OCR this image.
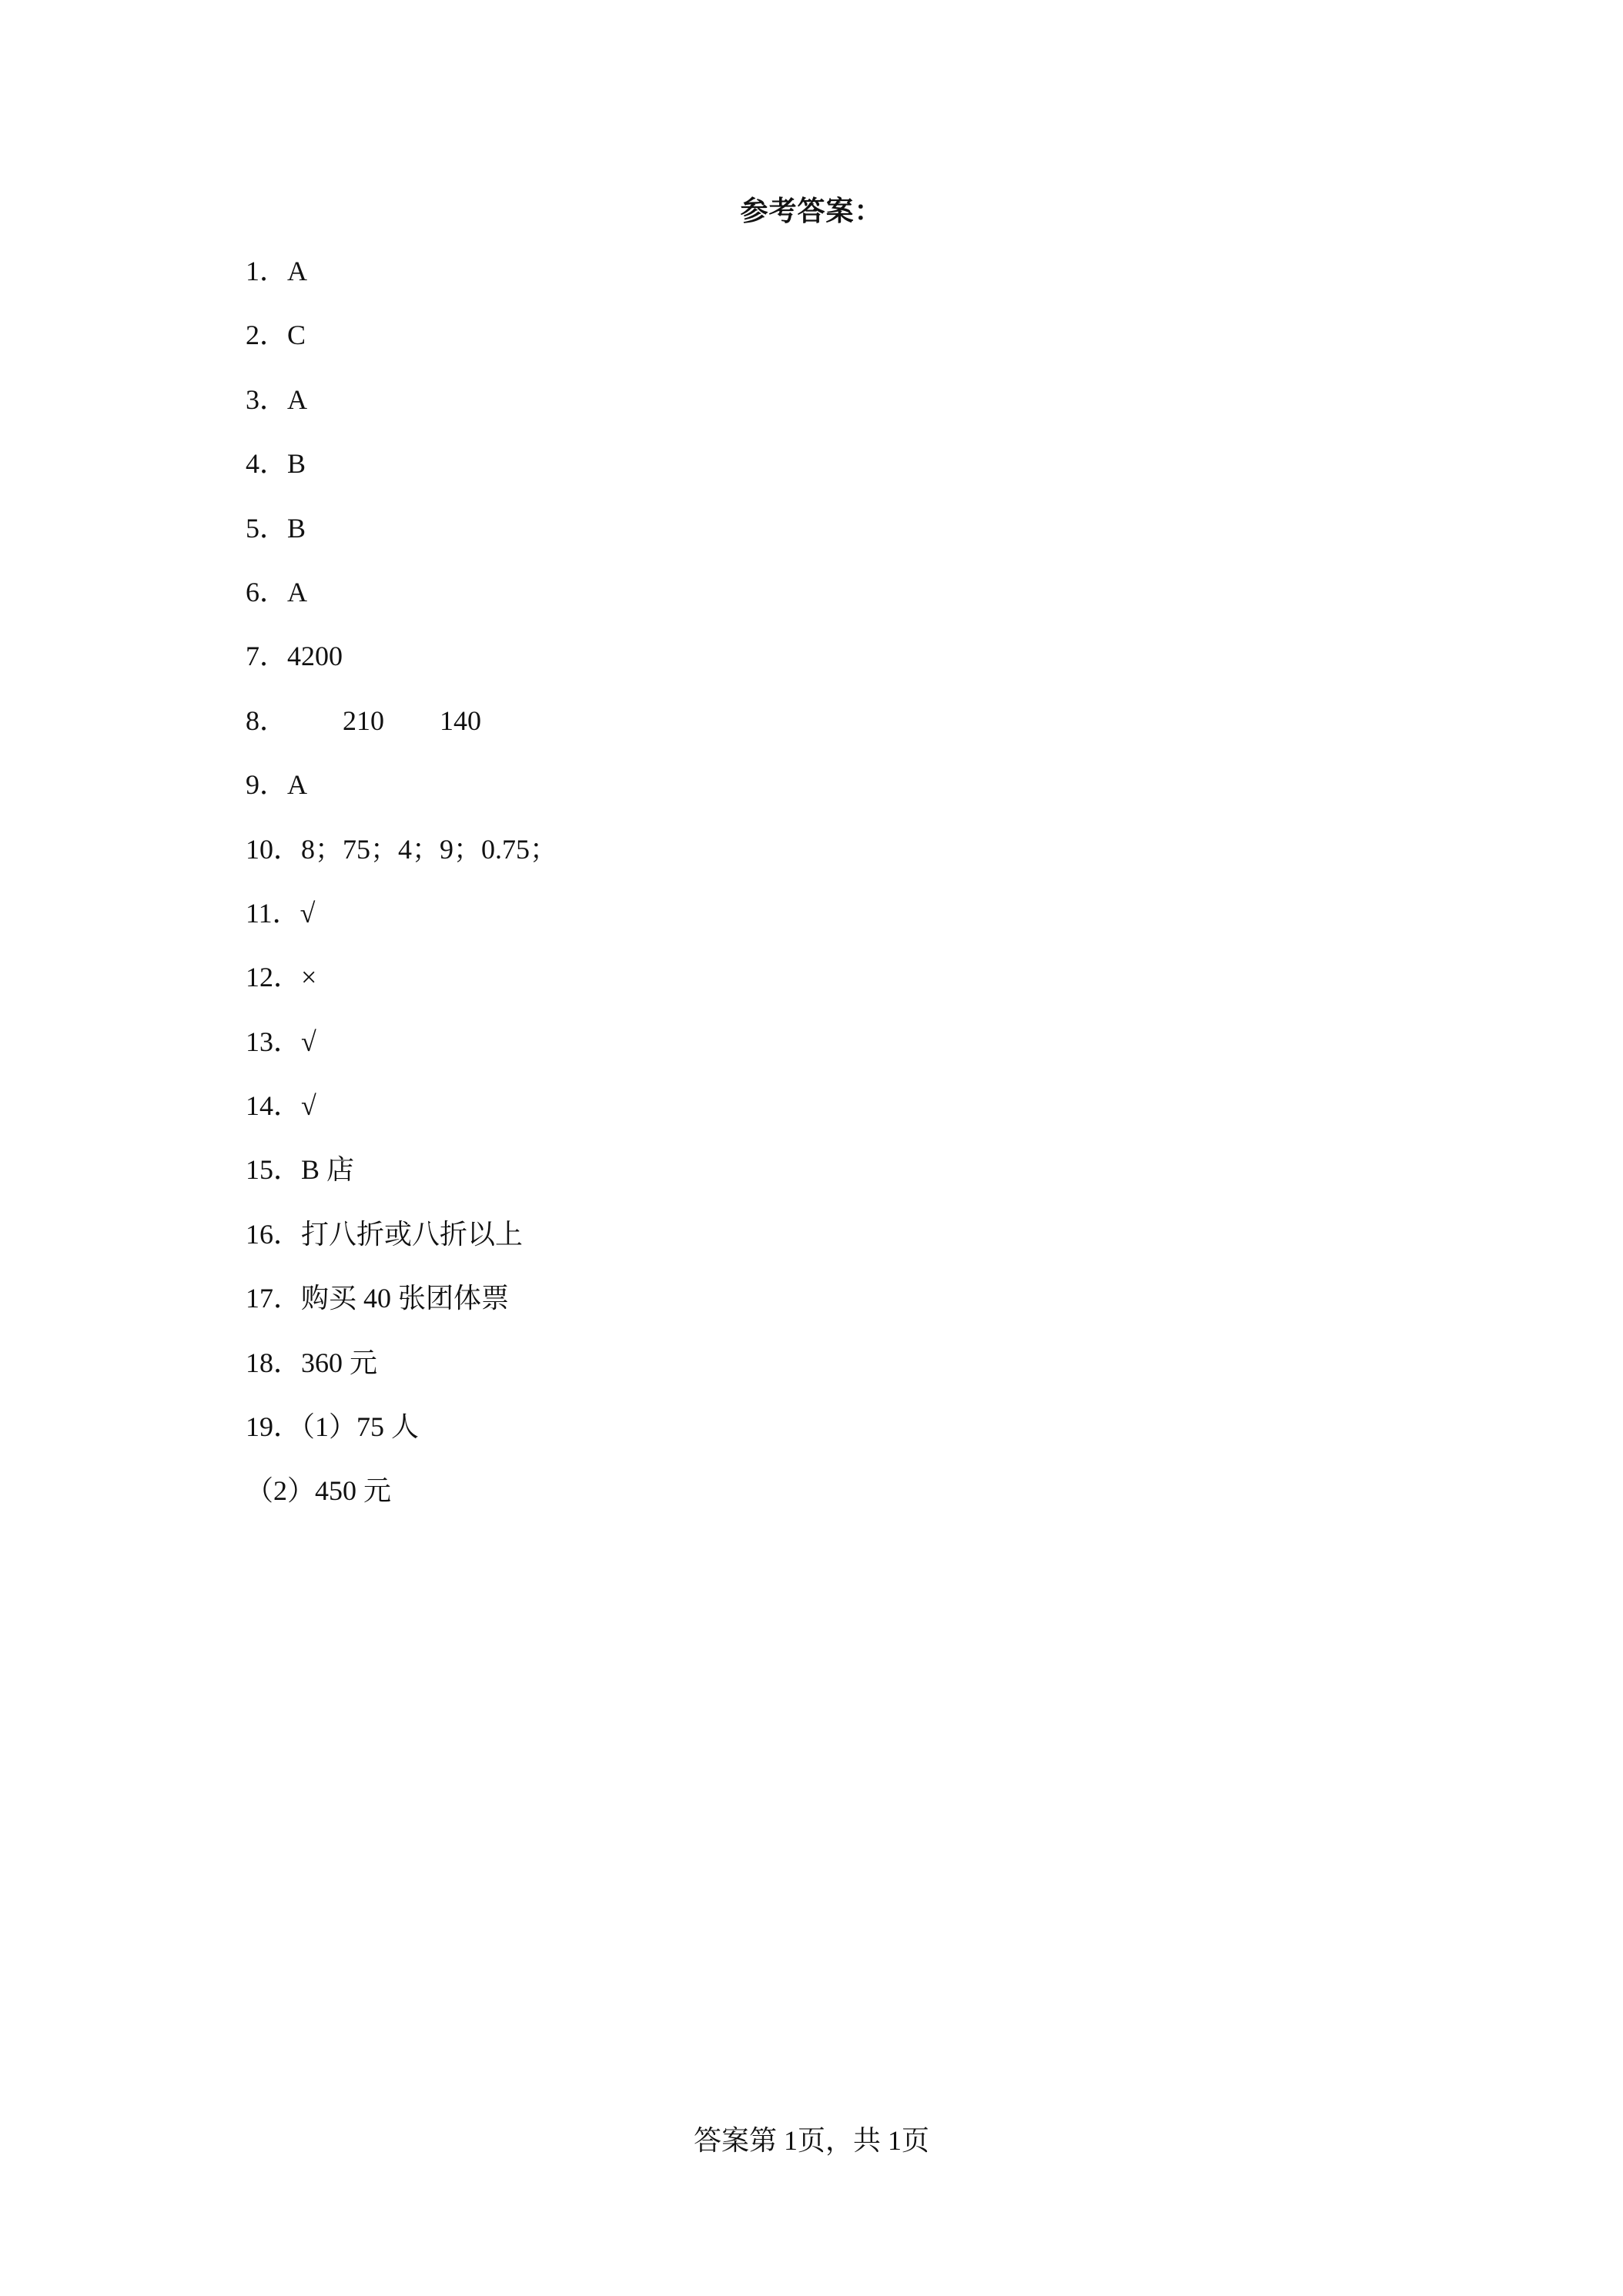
参考答案：
1．A
2．C
3．A
4．B
5．B
6．A
7．4200
8．        210        140
9．A
10．8；75；4；9；0.75；
11．√
12．×
13．√
14．√
15．B 店
16．打八折或八折以上
17．购买 40 张团体票
18．360 元
19．（1）75 人
（2）450 元
答案第 1页，共 1页
